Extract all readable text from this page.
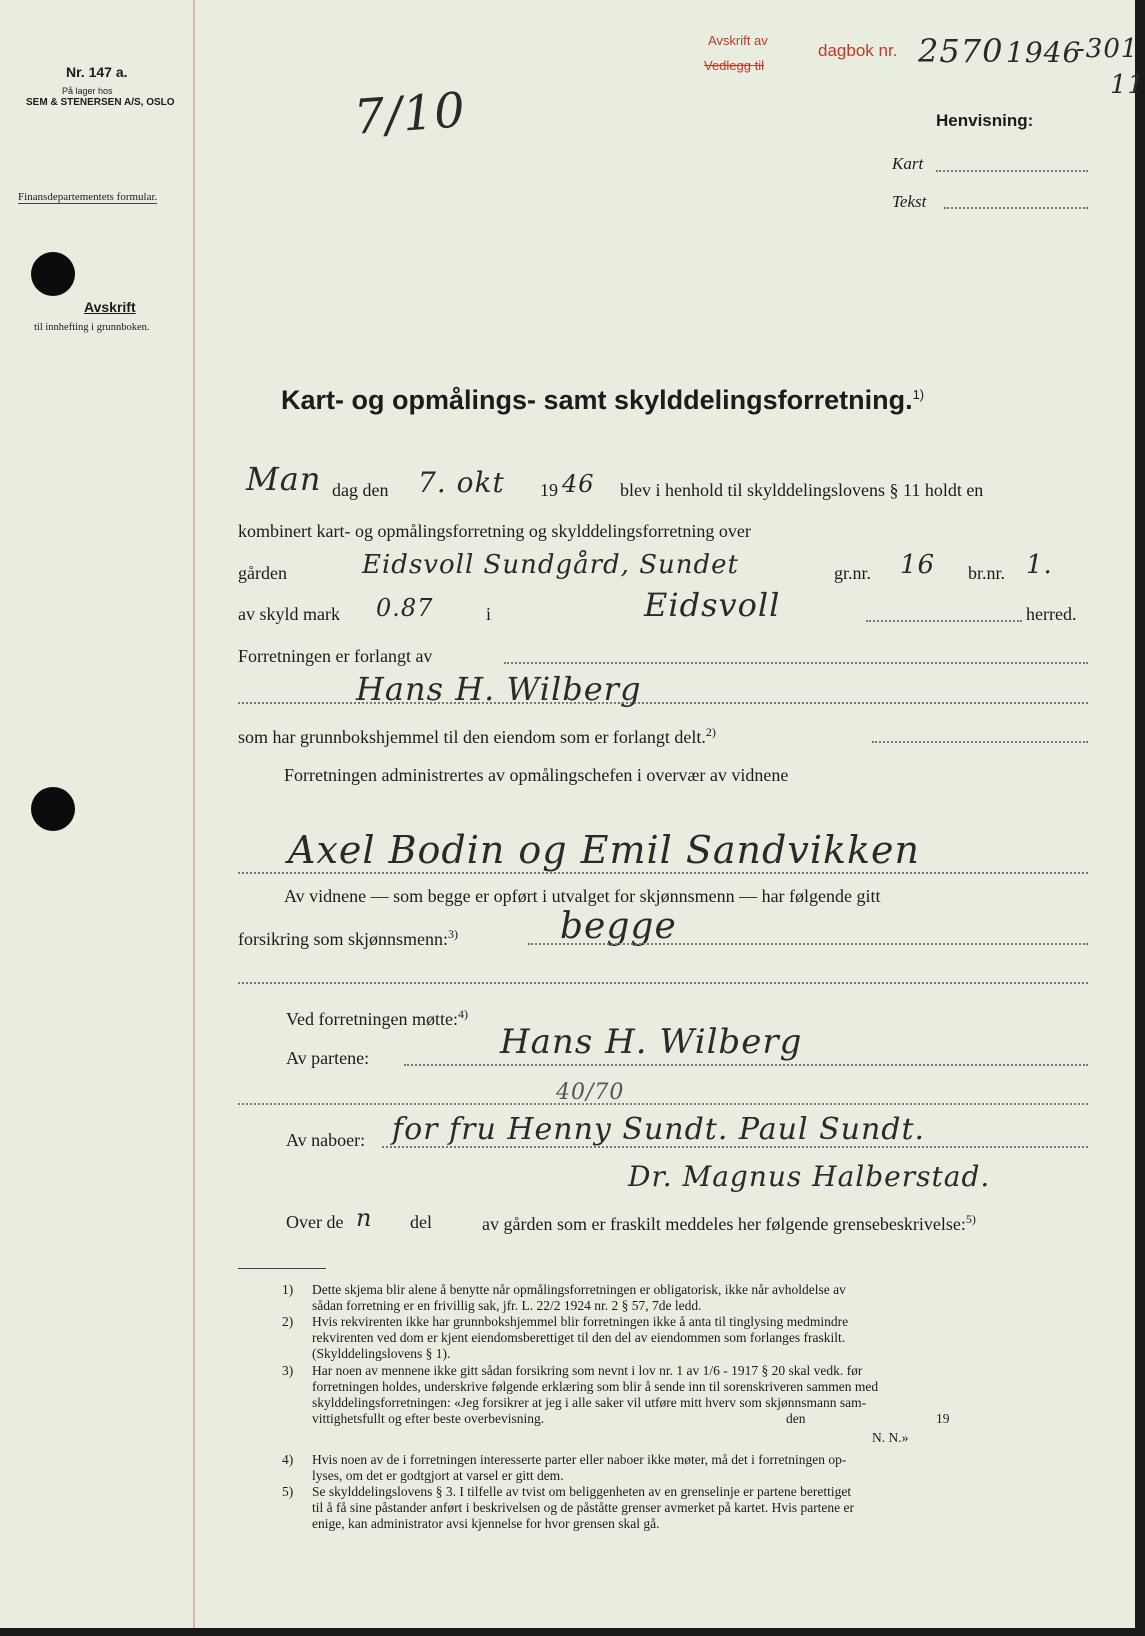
Nr. 147 a.
På lager hos
SEM & STENERSEN A/S, OSLO
Finansdepartementets formular.
Avskrift
til innhefting i grunnboken.
7/10
Avskrift av
Vedlegg til
dagbok nr. 2570 1946
-301
11
Henvisning:
Kart
Tekst
Kart- og opmålings- samt skylddelingsforretning.$^{1)}$
Man dag den 7. okt 19 46 blev i henhold til skylddelingslovens § 11 holdt en
kombinert kart- og opmålingsforretning og skylddelingsforretning over
gården	Eidsvoll Sundgård, Sundet	gr.nr. 16 br.nr. 1.
av skyld mark 0.87	i	Eidsvoll	herred.
Forretningen er forlangt av
Hans H. Wilberg
som har grunnbokshjemmel til den eiendom som er forlangt delt.$^{2)}$
Forretningen administrertes av opmålingschefen i overvær av vidnene
Axel Bodin og Emil Sandvikken
Av vidnene — som begge er opført i utvalget for skjønnsmenn — har følgende gitt
forsikring som skjønnsmenn:$^{3)}$	begge
Ved forretningen møtte:$^{4)}$
Av partene:	Hans H. Wilberg
40/70
Av naboer: for fru Henny Sundt. Paul Sundt.
Dr. Magnus Halberstad.
Over de n del	av gården som er fraskilt meddeles her følgende grensebeskrivelse:$^{5)}$
1) Dette skjema blir alene å benytte når opmålingsforretningen er obligatorisk, ikke når avholdelse av
sådan forretning er en frivillig sak, jfr. L. 22/2 1924 nr. 2 § 57, 7de ledd.
2) Hvis rekvirenten ikke har grunnbokshjemmel blir forretningen ikke å anta til tinglysing medmindre
rekvirenten ved dom er kjent eiendomsberettiget til den del av eiendommen som forlanges fraskilt.
(Skylddelingslovens § 1).
3) Har noen av mennene ikke gitt sådan forsikring som nevnt i lov nr. 1 av 1/6 - 1917 § 20 skal vedk. før
forretningen holdes, underskrive følgende erklæring som blir å sende inn til sorenskriveren sammen med
skylddelingsforretningen: «Jeg forsikrer at jeg i alle saker vil utføre mitt hverv som skjønnsmann sam-
vittighetsfullt og efter beste overbevisning.	den	19
N. N.»
4) Hvis noen av de i forretningen interesserte parter eller naboer ikke møter, må det i forretningen op-
lyses, om det er godtgjort at varsel er gitt dem.
5) Se skylddelingslovens § 3. I tilfelle av tvist om beliggenheten av en grenselinje er partene berettiget
til å få sine påstander anført i beskrivelsen og de påståtte grenser avmerket på kartet. Hvis partene er
enige, kan administrator avsi kjennelse for hvor grensen skal gå.
